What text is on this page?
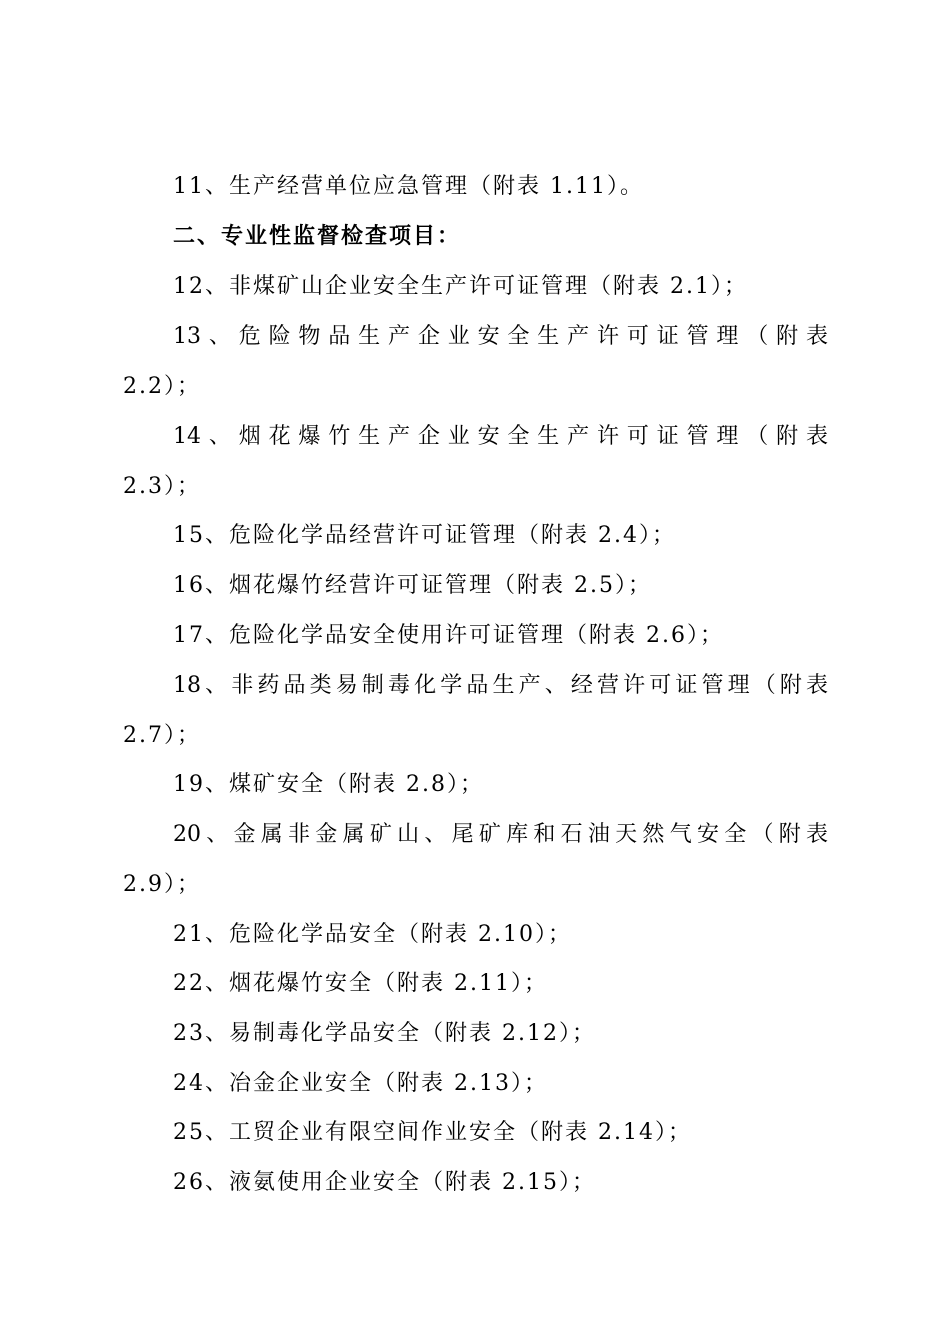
11、生产经营单位应急管理（附表 1.11）。
二、专业性监督检查项目：
12、非煤矿山企业安全生产许可证管理（附表 2.1）；
13、危险物品生产企业安全生产许可证管理（附表
2.2）；
14、烟花爆竹生产企业安全生产许可证管理（附表
2.3）；
15、危险化学品经营许可证管理（附表 2.4）；
16、烟花爆竹经营许可证管理（附表 2.5）；
17、危险化学品安全使用许可证管理（附表 2.6）；
18、非药品类易制毒化学品生产、经营许可证管理（附表
2.7）；
19、煤矿安全（附表 2.8）；
20、金属非金属矿山、尾矿库和石油天然气安全（附表
2.9）；
21、危险化学品安全（附表 2.10）；
22、烟花爆竹安全（附表 2.11）；
23、易制毒化学品安全（附表 2.12）；
24、冶金企业安全（附表 2.13）；
25、工贸企业有限空间作业安全（附表 2.14）；
26、液氨使用企业安全（附表 2.15）；
